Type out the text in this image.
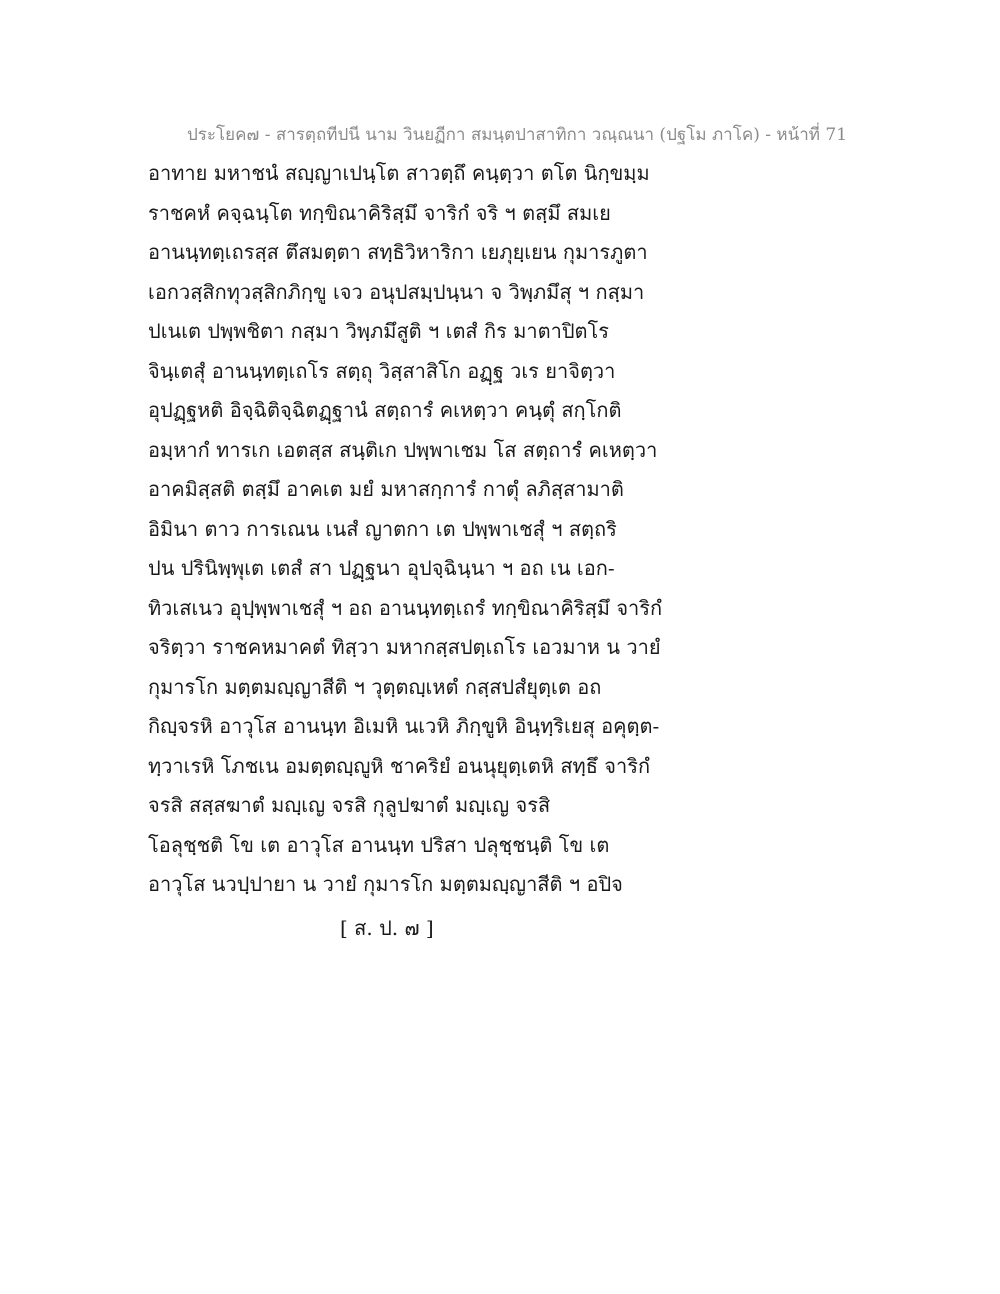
ประโยค๗ - สารตฺถทีปนี นาม วินยฏีกา สมนฺตปาสาทิกา วณฺณนา (ปฐโม ภาโค) - หน้าที่ 71
อาทาย มหาชนํ สญฺญาเปนฺโต สาวตฺถึ คนฺตฺวา ตโต นิกฺขมฺม
ราชคหํ คจฺฉนฺโต ทกฺขิณาคิริสฺมึ จาริกํ จริ ฯ ตสฺมึ สมเย
อานนฺทตฺเถรสฺส ตึสมตฺตา สทฺธิวิหาริกา เยภุยฺเยน กุมารภูตา
เอกวสฺสิกทุวสฺสิกภิกฺขู เจว อนุปสมฺปนฺนา จ วิพฺภมึสุ ฯ กสฺมา
ปเนเต ปพฺพชิตา กสฺมา วิพฺภมึสูติ ฯ เตสํ กิร มาตาปิตโร
จินฺเตสุํ อานนฺทตฺเถโร สตฺถุ วิสฺสาสิโก อฏฺฐ วเร ยาจิตฺวา
อุปฏฺฐหติ อิจฺฉิติจฺฉิตฏฺฐานํ สตฺถารํ คเหตฺวา คนฺตุํ สกฺโกติ
อมฺหากํ ทารเก เอตสฺส สนฺติเก ปพฺพาเชม โส สตฺถารํ คเหตฺวา
อาคมิสฺสติ ตสฺมึ อาคเต มยํ มหาสกฺการํ กาตุํ ลภิสฺสามาติ
อิมินา ตาว การเณน เนสํ ญาตกา เต ปพฺพาเชสุํ ฯ สตฺถริ
ปน ปรินิพฺพุเต เตสํ สา ปฏฺฐนา อุปจฺฉินฺนา ฯ อถ เน เอก-
ทิวเสเนว อุปฺพฺพาเชสุํ ฯ อถ อานนฺทตฺเถรํ ทกฺขิณาคิริสฺมึ จาริกํ
จริตฺวา ราชคหมาคตํ ทิสฺวา มหากสฺสปตฺเถโร เอวมาห น วายํ
กุมารโก มตฺตมญฺญาสีติ ฯ วุตฺตญฺเหตํ กสฺสปสํยุตฺเต อถ
กิญฺจรหิ อาวุโส อานนฺท อิเมหิ นเวหิ ภิกฺขูหิ อินฺทฺริเยสุ อคุตฺต-
ทฺวาเรหิ โภชเน อมตฺตญฺญูหิ ชาคริยํ อนนุยุตฺเตหิ สทฺธึ จาริกํ
จรสิ สสฺสฆาตํ มญฺเญ จรสิ กุลูปฆาตํ มญฺเญ จรสิ
โอลุชฺชติ โข เต อาวุโส อานนฺท ปริสา ปลุชฺชนฺติ โข เต
อาวุโส นวปฺปายา น วายํ กุมารโก มตฺตมญฺญาสีติ ฯ อปิจ
[ ส. ป. ๗ ]
